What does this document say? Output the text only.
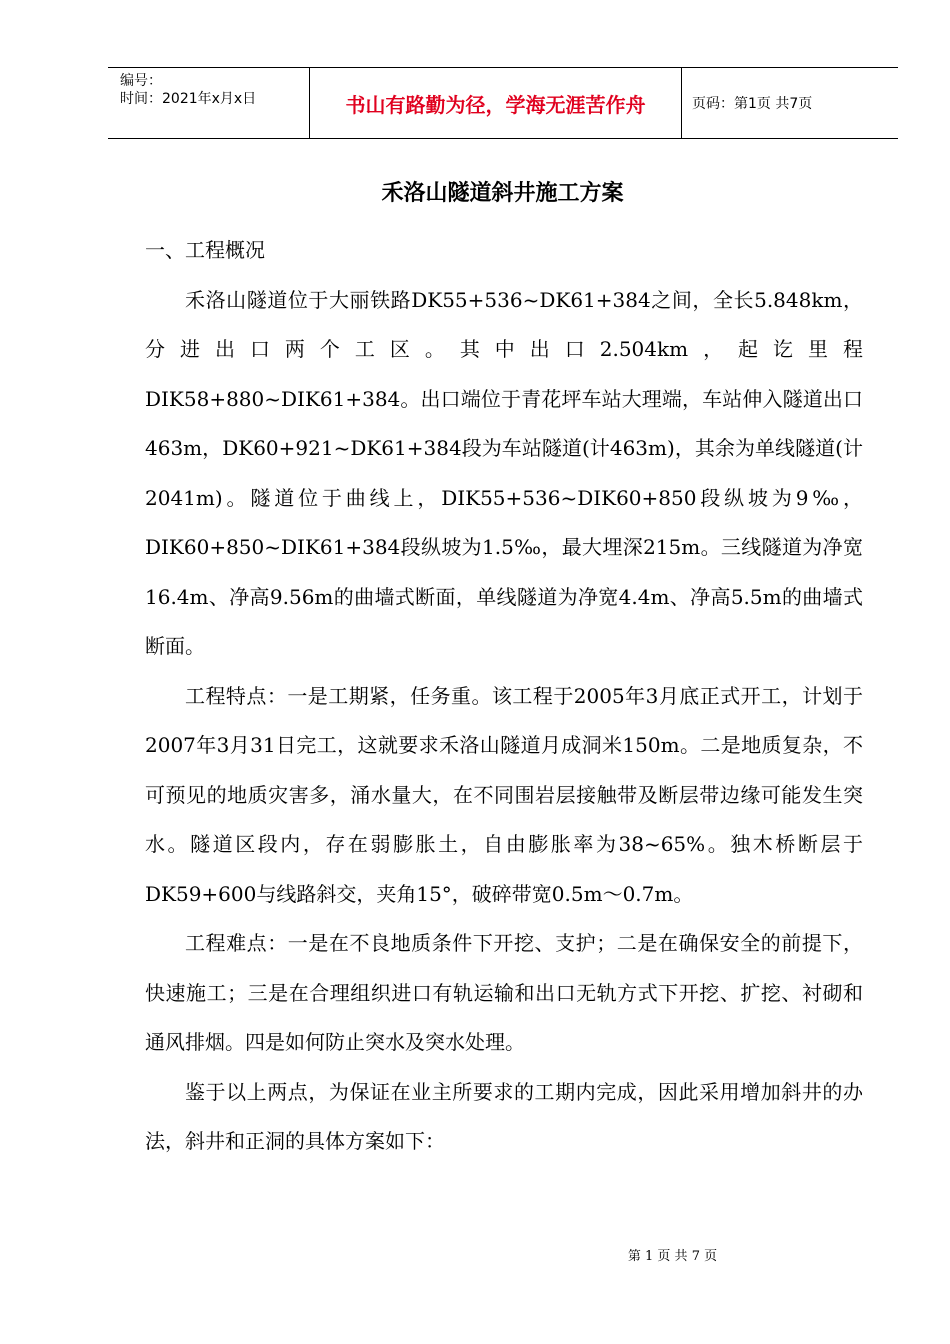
编号：
时间：2021年x月x日	书山有路勤为径，学海无涯苦作舟	页码：第1页 共7页
禾洛山隧道斜井施工方案

一、工程概况

禾洛山隧道位于大丽铁路DK55+536~DK61+384之间，全长5.848km，分进出口两个工区。其中出口2.504km，起讫里程DIK58+880~DIK61+384。出口端位于青花坪车站大理端，车站伸入隧道出口463m，DK60+921~DK61+384段为车站隧道(计463m)，其余为单线隧道(计2041m)。隧道位于曲线上，DIK55+536~DIK60+850段纵坡为9‰，DIK60+850~DIK61+384段纵坡为1.5‰，最大埋深215m。三线隧道为净宽16.4m、净高9.56m的曲墙式断面，单线隧道为净宽4.4m、净高5.5m的曲墙式断面。

工程特点：一是工期紧，任务重。该工程于2005年3月底正式开工，计划于2007年3月31日完工，这就要求禾洛山隧道月成洞米150m。二是地质复杂，不可预见的地质灾害多，涌水量大，在不同围岩层接触带及断层带边缘可能发生突水。隧道区段内，存在弱膨胀土，自由膨胀率为38~65%。独木桥断层于DK59+600与线路斜交，夹角15°，破碎带宽0.5m～0.7m。

工程难点：一是在不良地质条件下开挖、支护；二是在确保安全的前提下，快速施工；三是在合理组织进口有轨运输和出口无轨方式下开挖、扩挖、衬砌和通风排烟。四是如何防止突水及突水处理。

鉴于以上两点，为保证在业主所要求的工期内完成，因此采用增加斜井的办法，斜井和正洞的具体方案如下：

第 1 页 共 7 页
